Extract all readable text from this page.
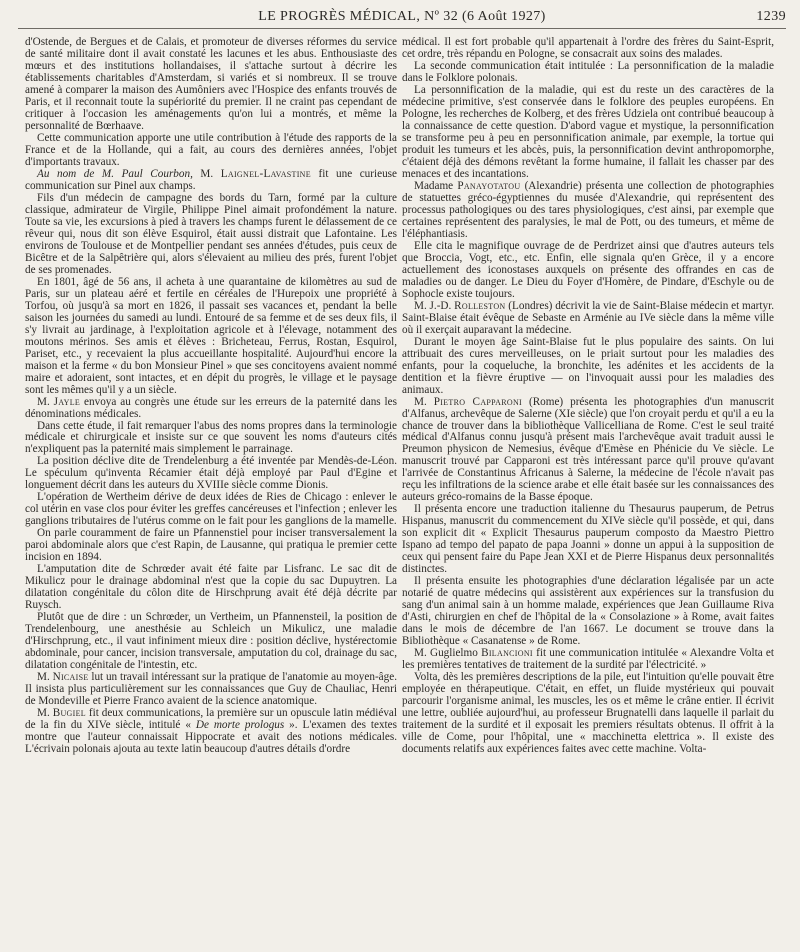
LE PROGRÈS MÉDICAL, Nº 32 (6 Août 1927)	1239

d'Ostende, de Bergues et de Calais, et promoteur de diverses réformes du service de santé militaire dont il avait constaté les lacunes et les abus. Enthousiaste des mœurs et des institutions hollandaises, il s'attache surtout à décrire les établissements charitables d'Amsterdam, si variés et si nombreux. Il se trouve amené à comparer la maison des Aumôniers avec l'Hospice des enfants trouvés de Paris, et il reconnait toute la supériorité du premier. Il ne craint pas cependant de critiquer à l'occasion les aménagements qu'on lui a montrés, et même la personnalité de Bœrhaave.

Cette communication apporte une utile contribution à l'étude des rapports de la France et de la Hollande, qui a fait, au cours des dernières années, l'objet d'importants travaux.

Au nom de M. Paul Courbon, M. Laignel-Lavastine fit une curieuse communication sur Pinel aux champs.

Fils d'un médecin de campagne des bords du Tarn, formé par la culture classique, admirateur de Virgile, Philippe Pinel aimait profondément la nature. Toute sa vie, les excursions à pied à travers les champs furent le délassement de ce rêveur qui, nous dit son élève Esquirol, était aussi distrait que Lafontaine. Les environs de Toulouse et de Montpellier pendant ses années d'études, puis ceux de Bicêtre et de la Salpêtrière qui, alors s'élevaient au milieu des prés, furent l'objet de ses promenades.

En 1801, âgé de 56 ans, il acheta à une quarantaine de kilomètres au sud de Paris, sur un plateau aéré et fertile en céréales de l'Hurepoix une propriété à Torfou, où jusqu'à sa mort en 1826, il passait ses vacances et, pendant la belle saison les journées du samedi au lundi. Entouré de sa femme et de ses deux fils, il s'y livrait au jardinage, à l'exploitation agricole et à l'élevage, notamment des moutons mérinos. Ses amis et élèves : Bricheteau, Ferrus, Rostan, Esquirol, Pariset, etc., y recevaient la plus accueillante hospitalité. Aujourd'hui encore la maison et la ferme « du bon Monsieur Pinel » que ses concitoyens avaient nommé maire et adoraient, sont intactes, et en dépit du progrès, le village et le paysage sont les mêmes qu'il y a un siècle.

M. Jayle envoya au congrès une étude sur les erreurs de la paternité dans les dénominations médicales.

Dans cette étude, il fait remarquer l'abus des noms propres dans la terminologie médicale et chirurgicale et insiste sur ce que souvent les noms d'auteurs cités n'expliquent pas la paternité mais simplement le parrainage.

La position déclive dite de Trendelenburg a été inventée par Mendès-de-Léon. Le spéculum qu'inventa Récamier était déjà employé par Paul d'Egine et longuement décrit dans les auteurs du XVIIIe siècle comme Dionis.

L'opération de Wertheim dérive de deux idées de Ries de Chicago : enlever le col utérin en vase clos pour éviter les greffes cancéreuses et l'infection ; enlever les ganglions tributaires de l'utérus comme on le fait pour les ganglions de la mamelle.

On parle couramment de faire un Pfannenstiel pour inciser transversalement la paroi abdominale alors que c'est Rapin, de Lausanne, qui pratiqua le premier cette incision en 1894.

L'amputation dite de Schrœder avait été faite par Lisfranc. Le sac dit de Mikulicz pour le drainage abdominal n'est que la copie du sac Dupuytren. La dilatation congénitale du côlon dite de Hirschprung avait été déjà décrite par Ruysch.

Plutôt que de dire : un Schrœder, un Vertheim, un Pfannensteil, la position de Trendelenbourg, une anesthésie au Schleich un Mikulicz, une maladie d'Hirschprung, etc., il vaut infiniment mieux dire : position déclive, hystérectomie abdominale, pour cancer, incision transversale, amputation du col, drainage du sac, dilatation congénitale de l'intestin, etc.

M. Nicaise lut un travail intéressant sur la pratique de l'anatomie au moyen-âge. Il insista plus particulièrement sur les connaissances que Guy de Chauliac, Henri de Mondeville et Pierre Franco avaient de la science anatomique.

M. Bugiel fit deux communications, la première sur un opuscule latin médiéval de la fin du XIVe siècle, intitulé « De morte prologus ». L'examen des textes montre que l'auteur connaissait Hippocrate et avait des notions médicales. L'écrivain polonais ajouta au texte latin beaucoup d'autres détails d'ordre

médical. Il est fort probable qu'il appartenait à l'ordre des frères du Saint-Esprit, cet ordre, très répandu en Pologne, se consacrait aux soins des malades.

La seconde communication était intitulée : La personnification de la maladie dans le Folklore polonais.

La personnification de la maladie, qui est du reste un des caractères de la médecine primitive, s'est conservée dans le folklore des peuples européens. En Pologne, les recherches de Kolberg, et des frères Udziela ont contribué beaucoup à la connaissance de cette question. D'abord vague et mystique, la personnification se transforme peu à peu en personnification animale, par exemple, la tortue qui produit les tumeurs et les abcès, puis, la personnification devint anthropomorphe, c'étaient déjà des démons revêtant la forme humaine, il fallait les chasser par des menaces et des incantations.

Madame Panayotatou (Alexandrie) présenta une collection de photographies de statuettes gréco-égyptiennes du musée d'Alexandrie, qui représentent des processus pathologiques ou des tares physiologiques, c'est ainsi, par exemple que certaines représentent des paralysies, le mal de Pott, ou des tumeurs, et même de l'éléphantiasis.

Elle cita le magnifique ouvrage de de Perdrizet ainsi que d'autres auteurs tels que Broccia, Vogt, etc., etc. Enfin, elle signala qu'en Grèce, il y a encore actuellement des iconostases auxquels on présente des offrandes en cas de maladies ou de danger. Le Dieu du Foyer d'Homère, de Pindare, d'Eschyle ou de Sophocle existe toujours.

M. J.-D. Rolleston (Londres) décrivit la vie de Saint-Blaise médecin et martyr. Saint-Blaise était évêque de Sebaste en Arménie au IVe siècle dans la même ville où il exerçait auparavant la médecine.

Durant le moyen âge Saint-Blaise fut le plus populaire des saints. On lui attribuait des cures merveilleuses, on le priait surtout pour les maladies des enfants, pour la coqueluche, la bronchite, les adénites et les accidents de la dentition et la fièvre éruptive — on l'invoquait aussi pour les maladies des animaux.

M. Pietro Capparoni (Rome) présenta les photographies d'un manuscrit d'Alfanus, archevêque de Salerne (XIe siècle) que l'on croyait perdu et qu'il a eu la chance de trouver dans la bibliothèque Vallicelliana de Rome. C'est le seul traité médical d'Alfanus connu jusqu'à présent mais l'archevêque avait traduit aussi le Preumon physicon de Nemesius, évêque d'Emèse en Phénicie du Ve siècle. Le manuscrit trouvé par Capparoni est très intéressant parce qu'il prouve qu'avant l'arrivée de Constantinus Africanus à Salerne, la médecine de l'école n'avait pas reçu les infiltrations de la science arabe et elle était basée sur les connaissances des auteurs gréco-romains de la Basse époque.

Il présenta encore une traduction italienne du Thesaurus pauperum, de Petrus Hispanus, manuscrit du commencement du XIVe siècle qu'il possède, et qui, dans son explicit dit « Explicit Thesaurus pauperum composto da Maestro Piettro Ispano ad tempo del papato de papa Joanni » donne un appui à la supposition de ceux qui pensent faire du Pape Jean XXI et de Pierre Hispanus deux personnalités distinctes.

Il présenta ensuite les photographies d'une déclaration légalisée par un acte notarié de quatre médecins qui assistèrent aux expériences sur la transfusion du sang d'un animal sain à un homme malade, expériences que Jean Guillaume Riva d'Asti, chirurgien en chef de l'hôpital de la « Consolazione » à Rome, avait faites dans le mois de décembre de l'an 1667. Le document se trouve dans la Bibliothèque « Casanatense » de Rome.

M. Guglielmo Bilancioni fit une communication intitulée « Alexandre Volta et les premières tentatives de traitement de la surdité par l'électricité. »

Volta, dès les premières descriptions de la pile, eut l'intuition qu'elle pouvait être employée en thérapeutique. C'était, en effet, un fluide mystérieux qui pouvait parcourir l'organisme animal, les muscles, les os et même le crâne entier. Il écrivit une lettre, oubliée aujourd'hui, au professeur Brugnatelli dans laquelle il parlait du traitement de la surdité et il exposait les premiers résultats obtenus. Il offrit à la ville de Come, pour l'hôpital, une « macchinetta elettrica ». Il existe des documents relatifs aux expériences faites avec cette machine. Volta-
